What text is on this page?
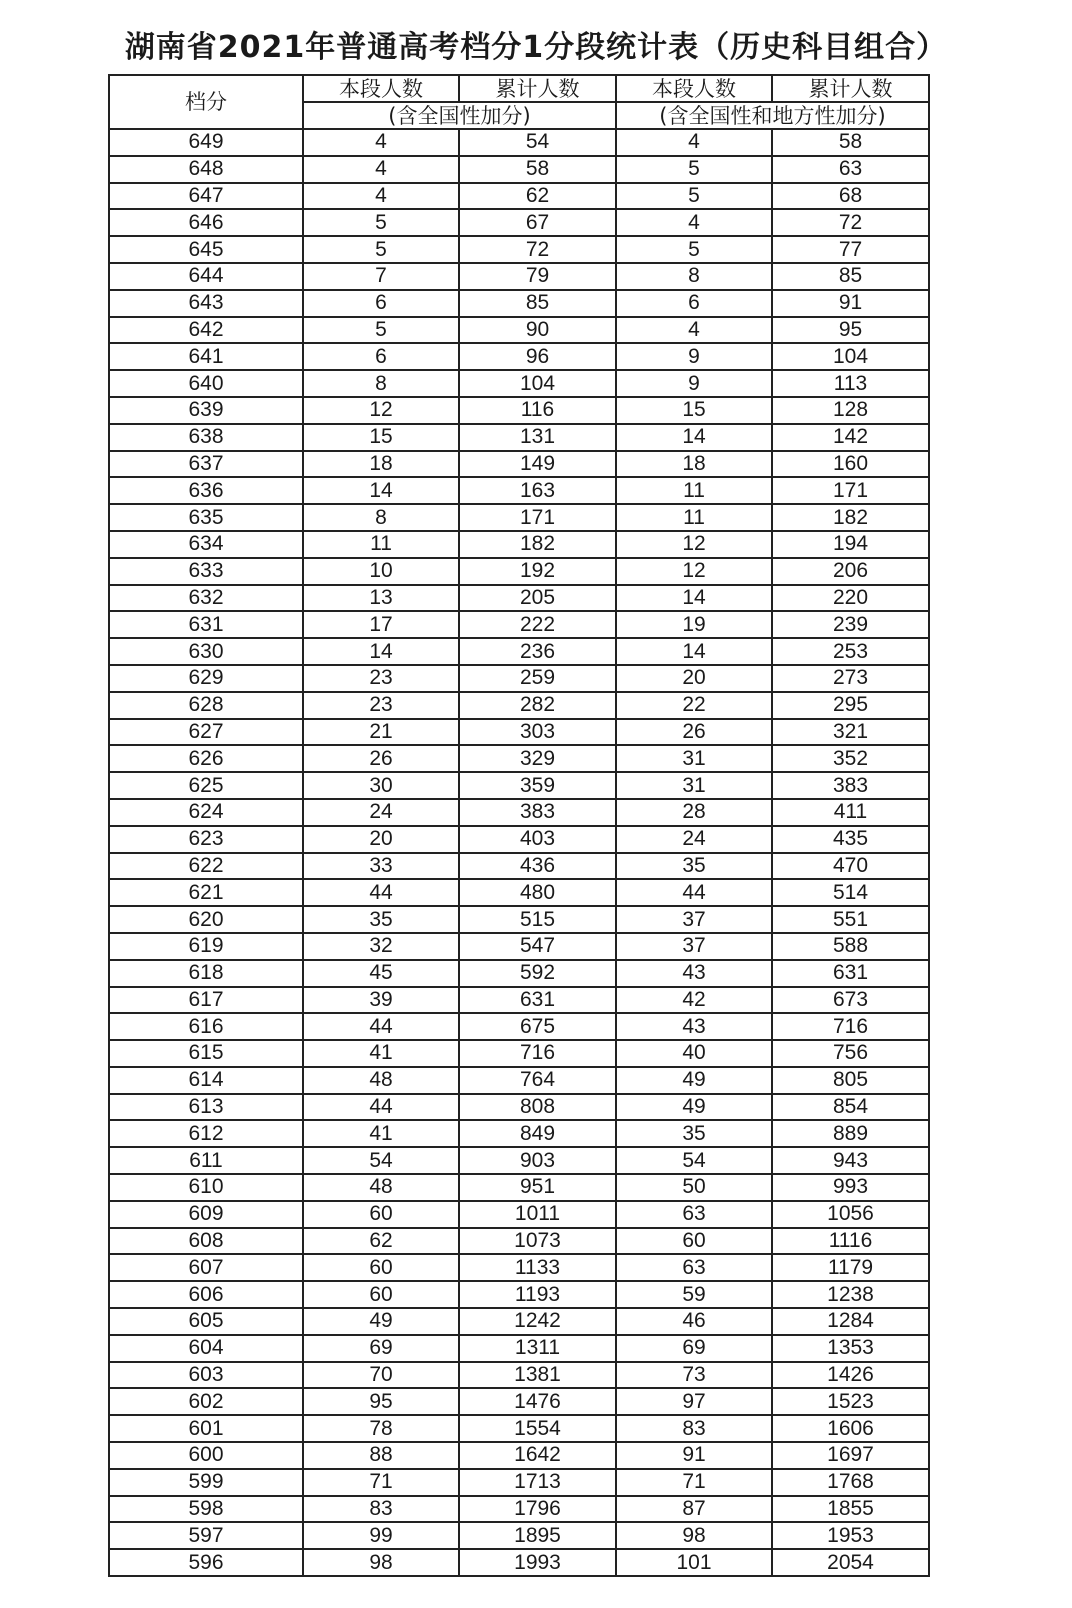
湖南省2021年普通高考档分1分段统计表（历史科目组合）
档分	本段人数	累计人数	本段人数	累计人数
	(含全国性加分)		(含全国性和地方性加分)	
649	4	54	4	58
648	4	58	5	63
647	4	62	5	68
646	5	67	4	72
645	5	72	5	77
644	7	79	8	85
643	6	85	6	91
642	5	90	4	95
641	6	96	9	104
640	8	104	9	113
639	12	116	15	128
638	15	131	14	142
637	18	149	18	160
636	14	163	11	171
635	8	171	11	182
634	11	182	12	194
633	10	192	12	206
632	13	205	14	220
631	17	222	19	239
630	14	236	14	253
629	23	259	20	273
628	23	282	22	295
627	21	303	26	321
626	26	329	31	352
625	30	359	31	383
624	24	383	28	411
623	20	403	24	435
622	33	436	35	470
621	44	480	44	514
620	35	515	37	551
619	32	547	37	588
618	45	592	43	631
617	39	631	42	673
616	44	675	43	716
615	41	716	40	756
614	48	764	49	805
613	44	808	49	854
612	41	849	35	889
611	54	903	54	943
610	48	951	50	993
609	60	1011	63	1056
608	62	1073	60	1116
607	60	1133	63	1179
606	60	1193	59	1238
605	49	1242	46	1284
604	69	1311	69	1353
603	70	1381	73	1426
602	95	1476	97	1523
601	78	1554	83	1606
600	88	1642	91	1697
599	71	1713	71	1768
598	83	1796	87	1855
597	99	1895	98	1953
596	98	1993	101	2054
